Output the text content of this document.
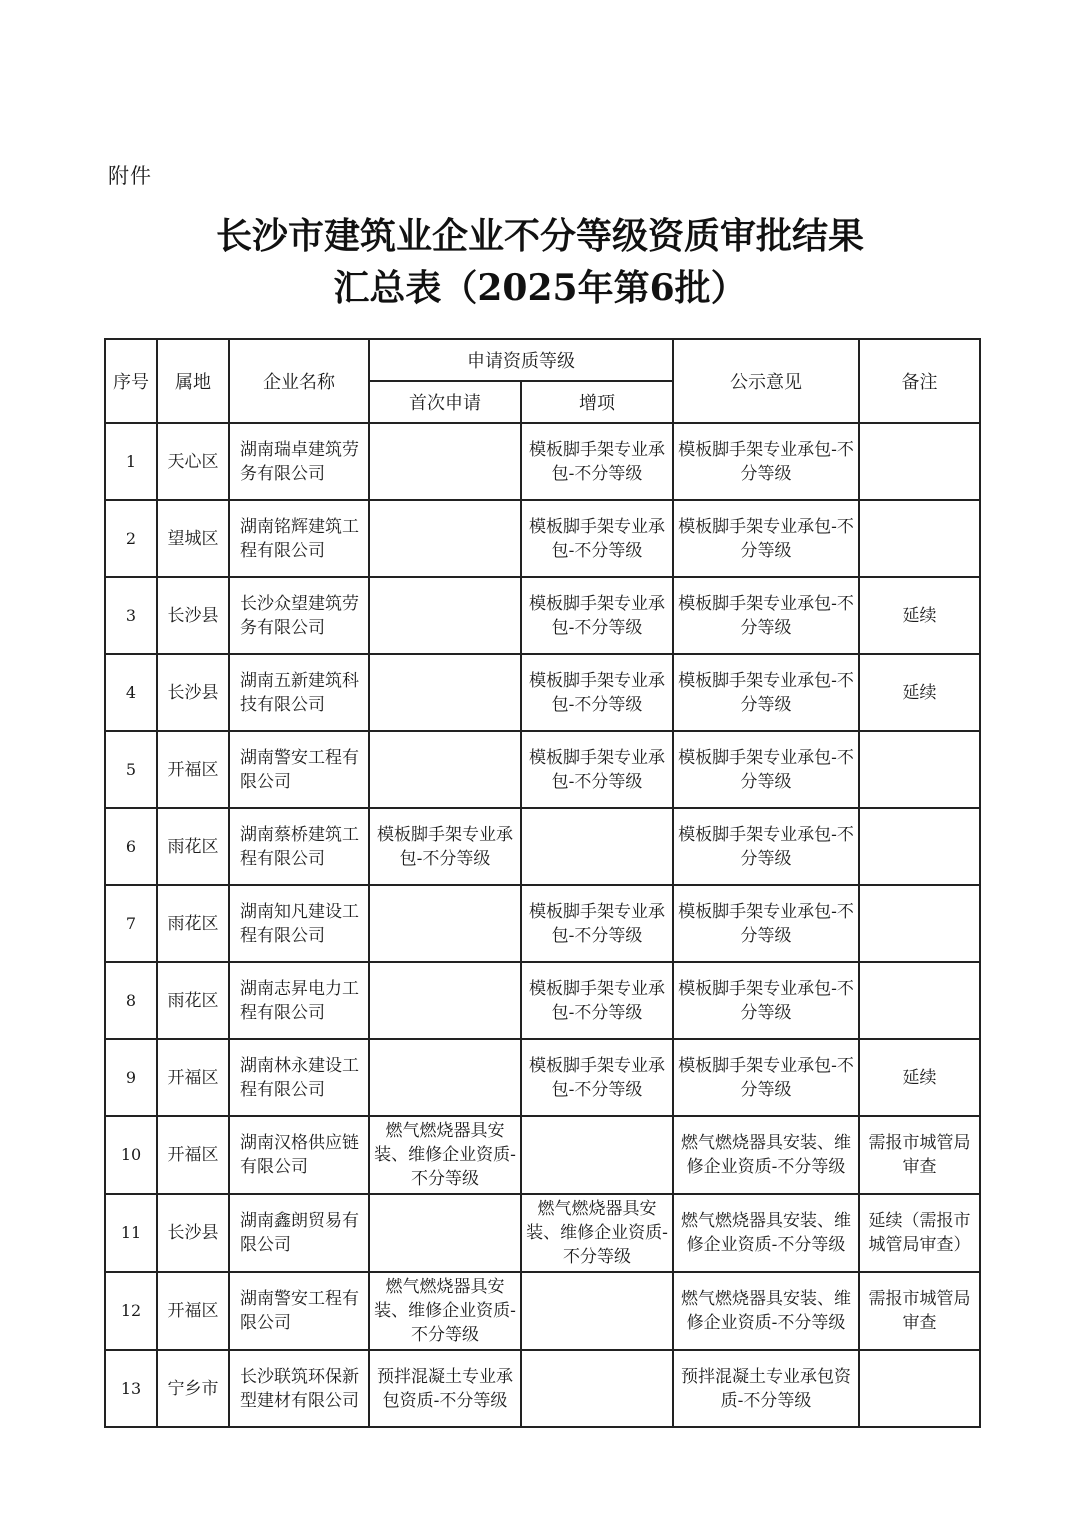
附件
长沙市建筑业企业不分等级资质审批结果
汇总表（2025年第6批）
序号	属地	企业名称	申请资质等级		公示意见	备注
			首次申请	增项		
1	天心区	湖南瑞卓建筑劳务有限公司		模板脚手架专业承包-不分等级	模板脚手架专业承包-不分等级	
2	望城区	湖南铭辉建筑工程有限公司		模板脚手架专业承包-不分等级	模板脚手架专业承包-不分等级	
3	长沙县	长沙众望建筑劳务有限公司		模板脚手架专业承包-不分等级	模板脚手架专业承包-不分等级	延续
4	长沙县	湖南五新建筑科技有限公司		模板脚手架专业承包-不分等级	模板脚手架专业承包-不分等级	延续
5	开福区	湖南警安工程有限公司		模板脚手架专业承包-不分等级	模板脚手架专业承包-不分等级	
6	雨花区	湖南蔡桥建筑工程有限公司	模板脚手架专业承包-不分等级		模板脚手架专业承包-不分等级	
7	雨花区	湖南知凡建设工程有限公司		模板脚手架专业承包-不分等级	模板脚手架专业承包-不分等级	
8	雨花区	湖南志昇电力工程有限公司		模板脚手架专业承包-不分等级	模板脚手架专业承包-不分等级	
9	开福区	湖南林永建设工程有限公司		模板脚手架专业承包-不分等级	模板脚手架专业承包-不分等级	延续
10	开福区	湖南汉格供应链有限公司	燃气燃烧器具安装、维修企业资质-不分等级		燃气燃烧器具安装、维修企业资质-不分等级	需报市城管局审查
11	长沙县	湖南鑫朗贸易有限公司		燃气燃烧器具安装、维修企业资质-不分等级	燃气燃烧器具安装、维修企业资质-不分等级	延续（需报市城管局审查）
12	开福区	湖南警安工程有限公司	燃气燃烧器具安装、维修企业资质-不分等级		燃气燃烧器具安装、维修企业资质-不分等级	需报市城管局审查
13	宁乡市	长沙联筑环保新型建材有限公司	预拌混凝土专业承包资质-不分等级		预拌混凝土专业承包资质-不分等级	
